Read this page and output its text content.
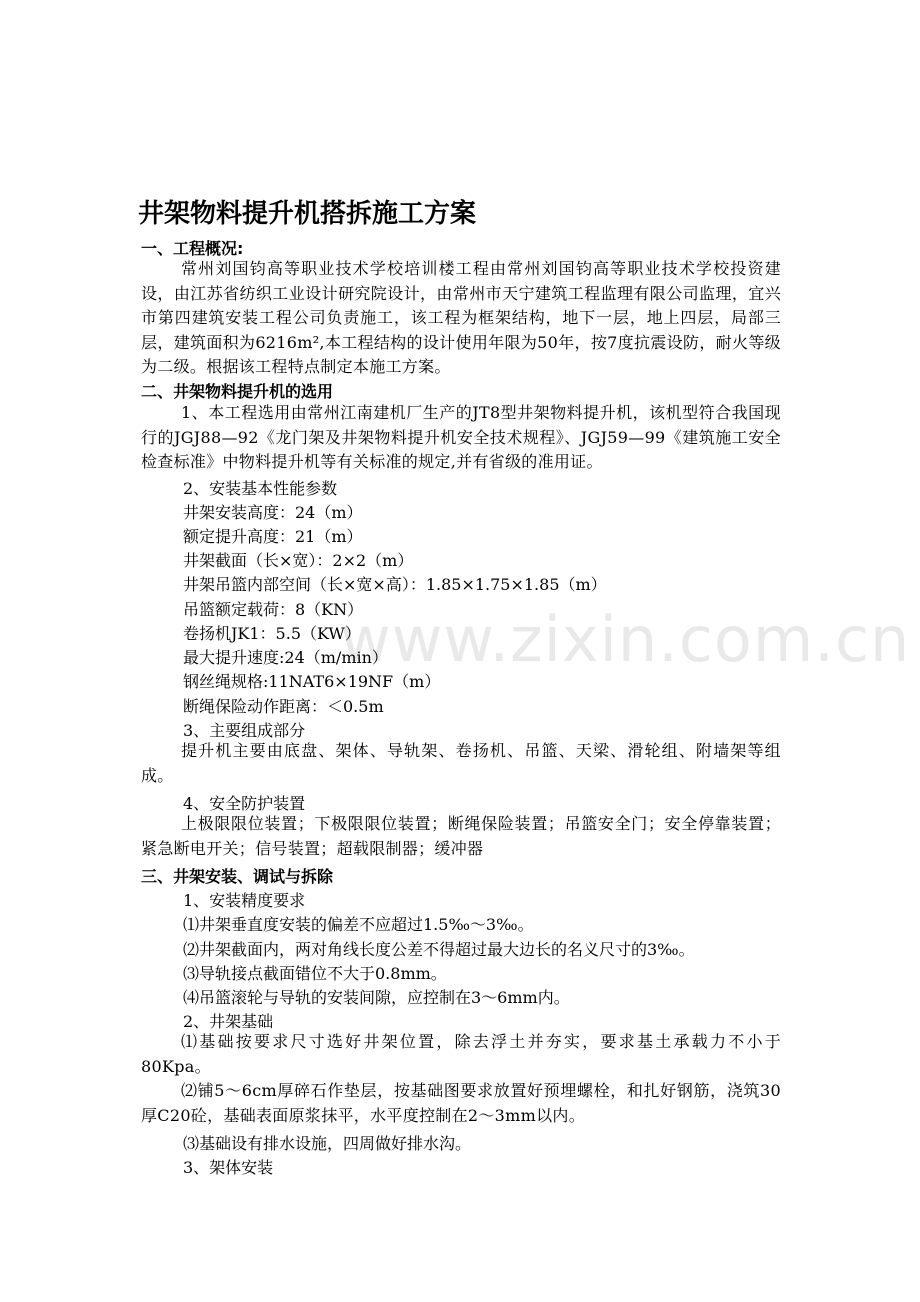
www.zixin.com.cn
井架物料提升机搭拆施工方案
一、工程概况:
常州刘国钧高等职业技术学校培训楼工程由常州刘国钧高等职业技术学校投资建设，由江苏省纺织工业设计研究院设计，由常州市天宁建筑工程监理有限公司监理，宜兴市第四建筑安装工程公司负责施工，该工程为框架结构，地下一层，地上四层，局部三层，建筑面积为6216m²,本工程结构的设计使用年限为50年，按7度抗震设防，耐火等级为二级。根据该工程特点制定本施工方案。
二、井架物料提升机的选用
1、本工程选用由常州江南建机厂生产的JT8型井架物料提升机，该机型符合我国现行的JGJ88—92《龙门架及井架物料提升机安全技术规程》、JGJ59—99《建筑施工安全检查标准》中物料提升机等有关标准的规定,并有省级的准用证。
2、安装基本性能参数
井架安装高度：24（m）
额定提升高度：21（m）
井架截面（长×宽）：2×2（m）
井架吊篮内部空间（长×宽×高）：1.85×1.75×1.85（m）
吊篮额定载荷：8（KN）
卷扬机JK1：5.5（KW）
最大提升速度:24（m/min）
钢丝绳规格:11NAT6×19NF（m）
断绳保险动作距离：＜0.5m
3、主要组成部分
提升机主要由底盘、架体、导轨架、卷扬机、吊篮、天梁、滑轮组、附墙架等组成。
4、安全防护装置
上极限限位装置；下极限限位装置；断绳保险装置；吊篮安全门；安全停靠装置；紧急断电开关；信号装置；超载限制器；缓冲器
三、井架安装、调试与拆除
1、安装精度要求
⑴井架垂直度安装的偏差不应超过1.5‰～3‰。
⑵井架截面内，两对角线长度公差不得超过最大边长的名义尺寸的3‰。
⑶导轨接点截面错位不大于0.8mm。
⑷吊篮滚轮与导轨的安装间隙，应控制在3～6mm内。
2、井架基础
⑴基础按要求尺寸选好井架位置，除去浮土并夯实，要求基土承载力不小于80Kpa。
⑵铺5～6cm厚碎石作垫层，按基础图要求放置好预埋螺栓，和扎好钢筋，浇筑30厚C20砼，基础表面原浆抹平，水平度控制在2～3mm以内。
⑶基础设有排水设施，四周做好排水沟。
3、架体安装
